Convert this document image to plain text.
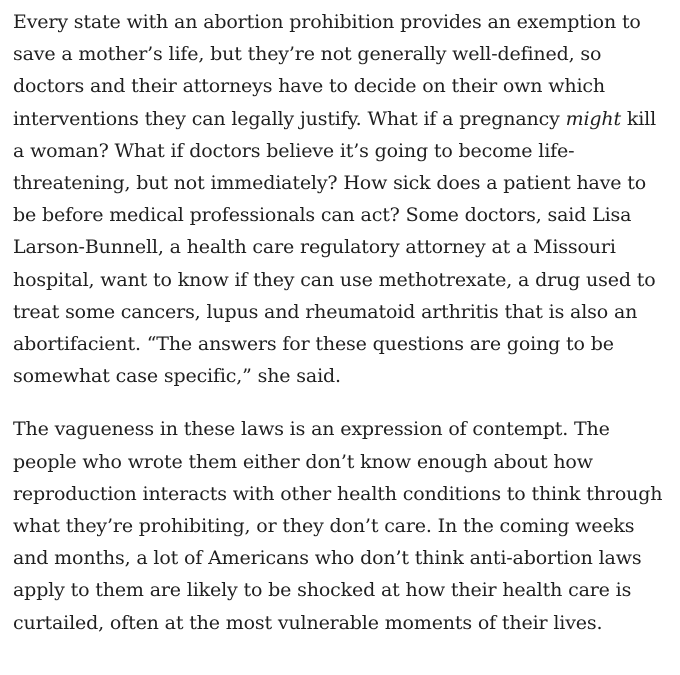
Every state with an abortion prohibition provides an exemption to save a mother’s life, but they’re not generally well-defined, so doctors and their attorneys have to decide on their own which interventions they can legally justify. What if a pregnancy might kill a woman? What if doctors believe it’s going to become life-threatening, but not immediately? How sick does a patient have to be before medical professionals can act? Some doctors, said Lisa Larson-Bunnell, a health care regulatory attorney at a Missouri hospital, want to know if they can use methotrexate, a drug used to treat some cancers, lupus and rheumatoid arthritis that is also an abortifacient. “The answers for these questions are going to be somewhat case specific,” she said.

The vagueness in these laws is an expression of contempt. The people who wrote them either don’t know enough about how reproduction interacts with other health conditions to think through what they’re prohibiting, or they don’t care. In the coming weeks and months, a lot of Americans who don’t think anti-abortion laws apply to them are likely to be shocked at how their health care is curtailed, often at the most vulnerable moments of their lives.
